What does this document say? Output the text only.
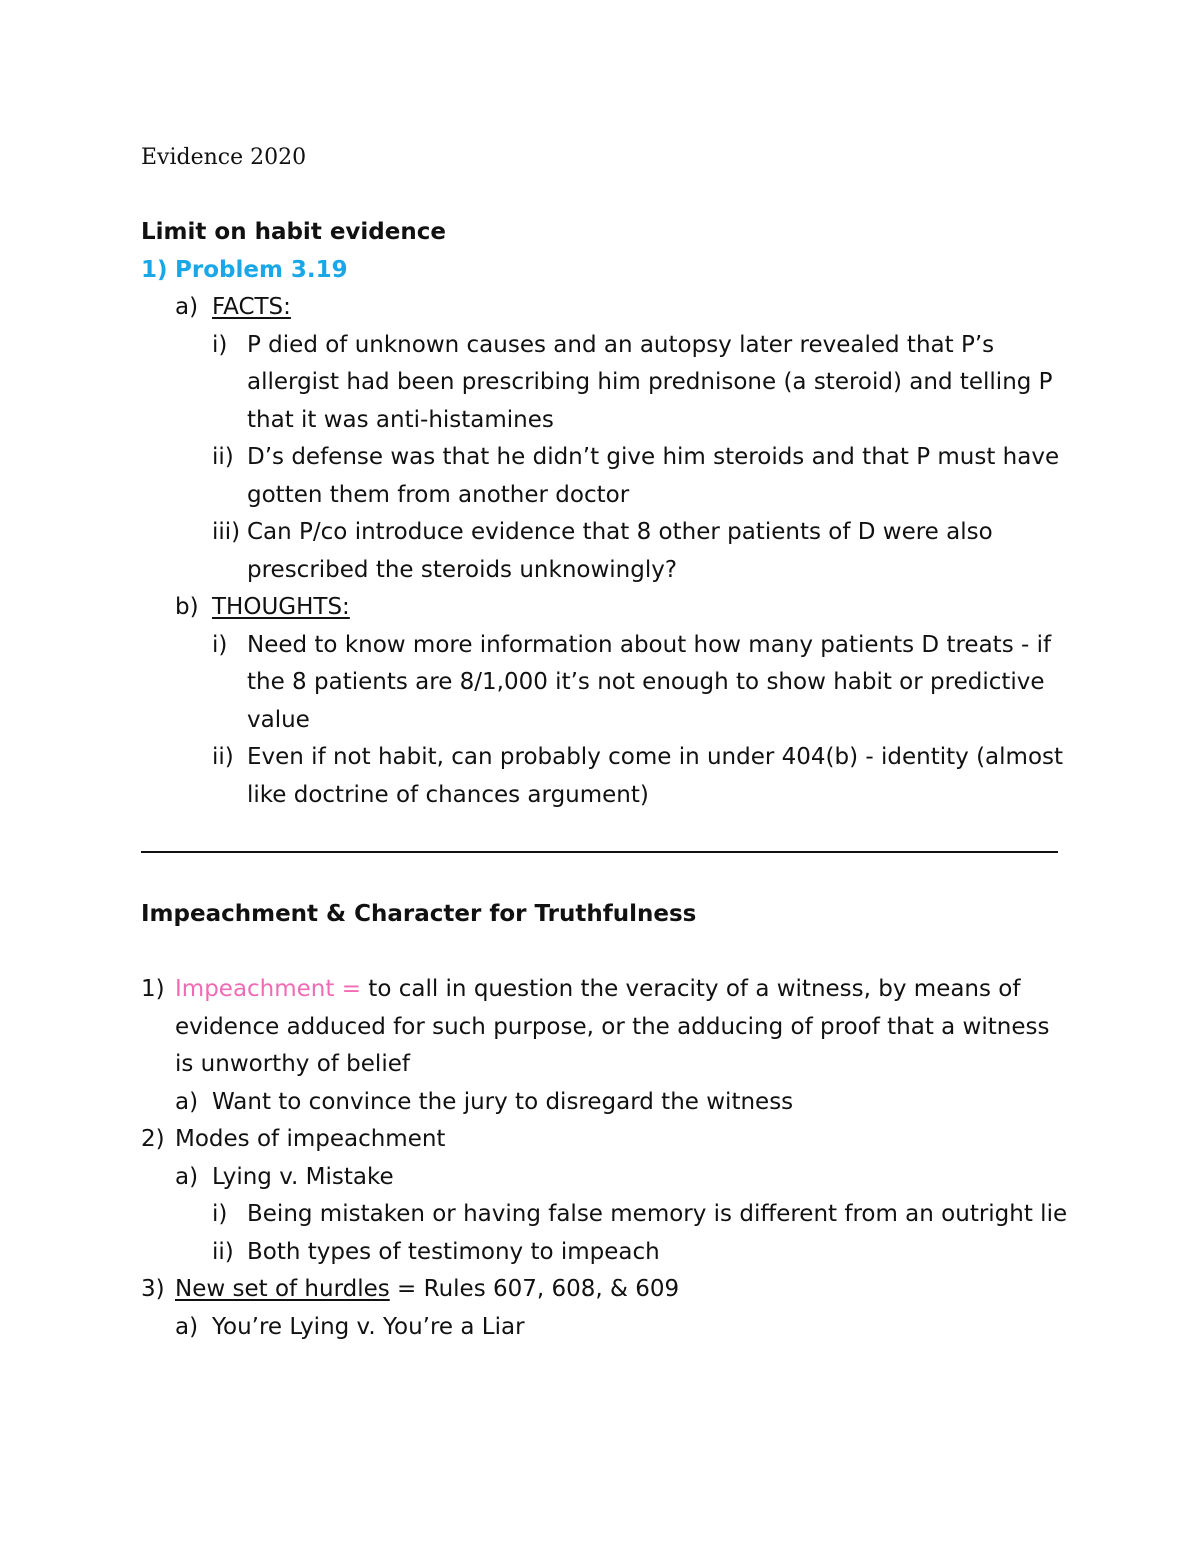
Evidence 2020
Limit on habit evidence
1) Problem 3.19
a) FACTS:
i) P died of unknown causes and an autopsy later revealed that P’s allergist had been prescribing him prednisone (a steroid) and telling P that it was anti-histamines
ii) D’s defense was that he didn’t give him steroids and that P must have gotten them from another doctor
iii) Can P/co introduce evidence that 8 other patients of D were also prescribed the steroids unknowingly?
b) THOUGHTS:
i) Need to know more information about how many patients D treats - if the 8 patients are 8/1,000 it’s not enough to show habit or predictive value
ii) Even if not habit, can probably come in under 404(b) - identity (almost like doctrine of chances argument)
Impeachment & Character for Truthfulness
1) Impeachment = to call in question the veracity of a witness, by means of evidence adduced for such purpose, or the adducing of proof that a witness is unworthy of belief
a) Want to convince the jury to disregard the witness
2) Modes of impeachment
a) Lying v. Mistake
i) Being mistaken or having false memory is different from an outright lie
ii) Both types of testimony to impeach
3) New set of hurdles = Rules 607, 608, & 609
a) You’re Lying v. You’re a Liar
